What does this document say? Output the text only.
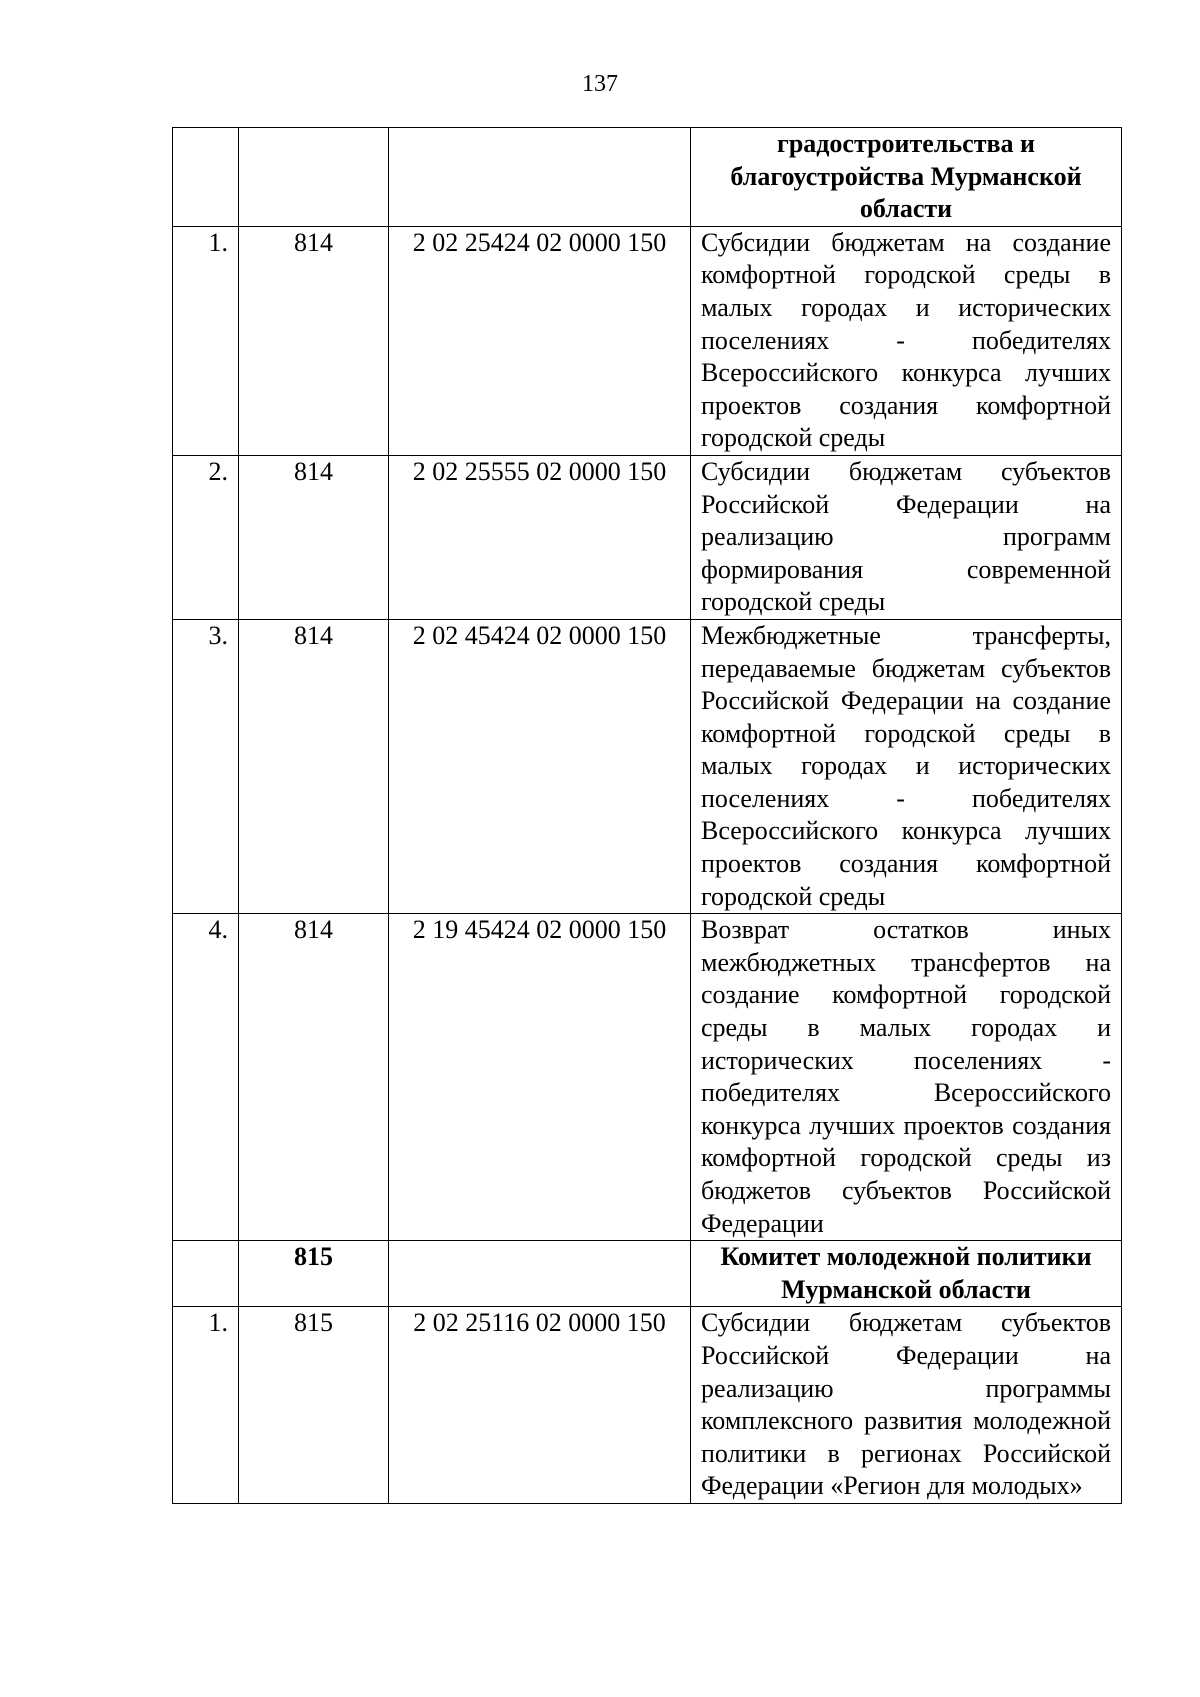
137
			градостроительства и благоустройства Мурманской области
1.	814	2 02 25424 02 0000 150	Субсидии бюджетам на создание комфортной городской среды в малых городах и исторических поселениях - победителях Всероссийского конкурса лучших проектов создания комфортной городской среды
2.	814	2 02 25555 02 0000 150	Субсидии бюджетам субъектов Российской Федерации на реализацию программ формирования современной городской среды
3.	814	2 02 45424 02 0000 150	Межбюджетные трансферты, передаваемые бюджетам субъектов Российской Федерации на создание комфортной городской среды в малых городах и исторических поселениях - победителях Всероссийского конкурса лучших проектов создания комфортной городской среды
4.	814	2 19 45424 02 0000 150	Возврат остатков иных межбюджетных трансфертов на создание комфортной городской среды в малых городах и исторических поселениях - победителях Всероссийского конкурса лучших проектов создания комфортной городской среды из бюджетов субъектов Российской Федерации
	815		Комитет молодежной политики Мурманской области
1.	815	2 02 25116 02 0000 150	Субсидии бюджетам субъектов Российской Федерации на реализацию программы комплексного развития молодежной политики в регионах Российской Федерации «Регион для молодых»
